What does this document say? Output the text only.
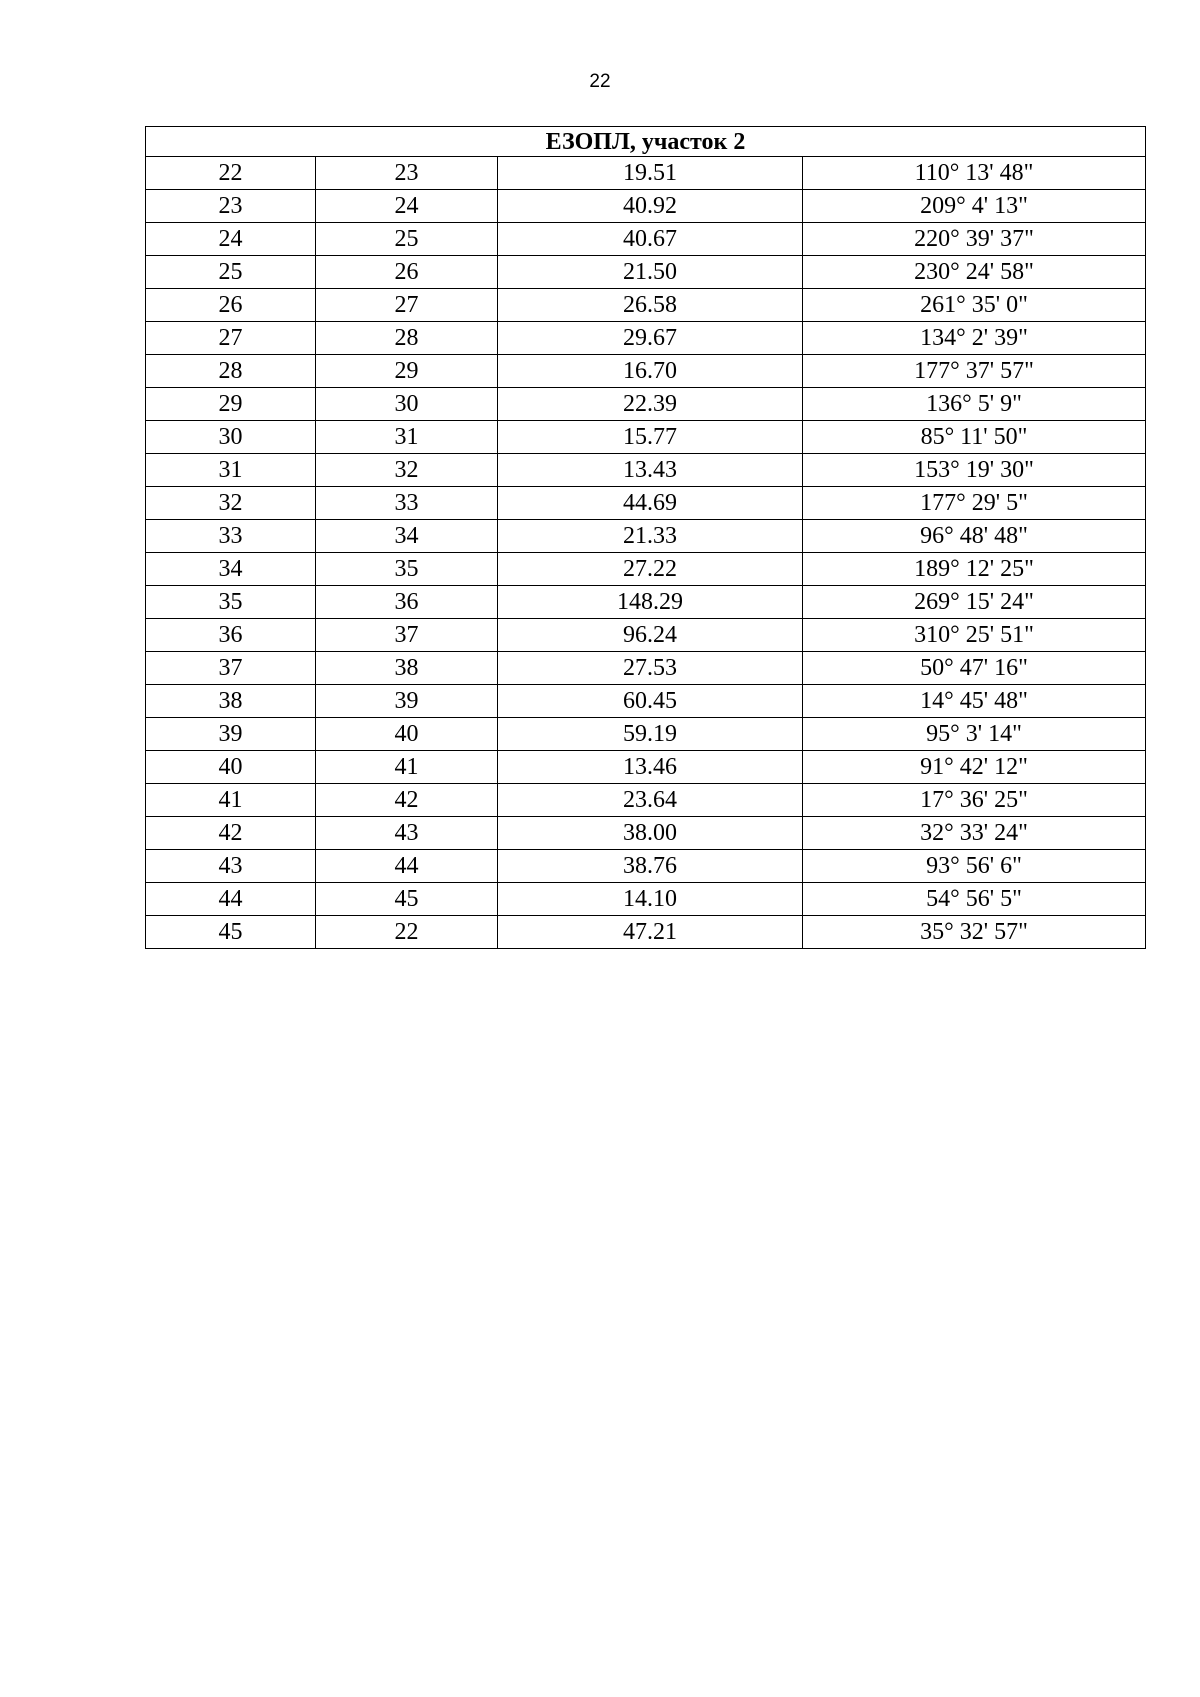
22
ЕЗОПЛ, участок 2			
22	23	19.51	110° 13' 48"
23	24	40.92	209° 4' 13"
24	25	40.67	220° 39' 37"
25	26	21.50	230° 24' 58"
26	27	26.58	261° 35' 0"
27	28	29.67	134° 2' 39"
28	29	16.70	177° 37' 57"
29	30	22.39	136° 5' 9"
30	31	15.77	85° 11' 50"
31	32	13.43	153° 19' 30"
32	33	44.69	177° 29' 5"
33	34	21.33	96° 48' 48"
34	35	27.22	189° 12' 25"
35	36	148.29	269° 15' 24"
36	37	96.24	310° 25' 51"
37	38	27.53	50° 47' 16"
38	39	60.45	14° 45' 48"
39	40	59.19	95° 3' 14"
40	41	13.46	91° 42' 12"
41	42	23.64	17° 36' 25"
42	43	38.00	32° 33' 24"
43	44	38.76	93° 56' 6"
44	45	14.10	54° 56' 5"
45	22	47.21	35° 32' 57"
